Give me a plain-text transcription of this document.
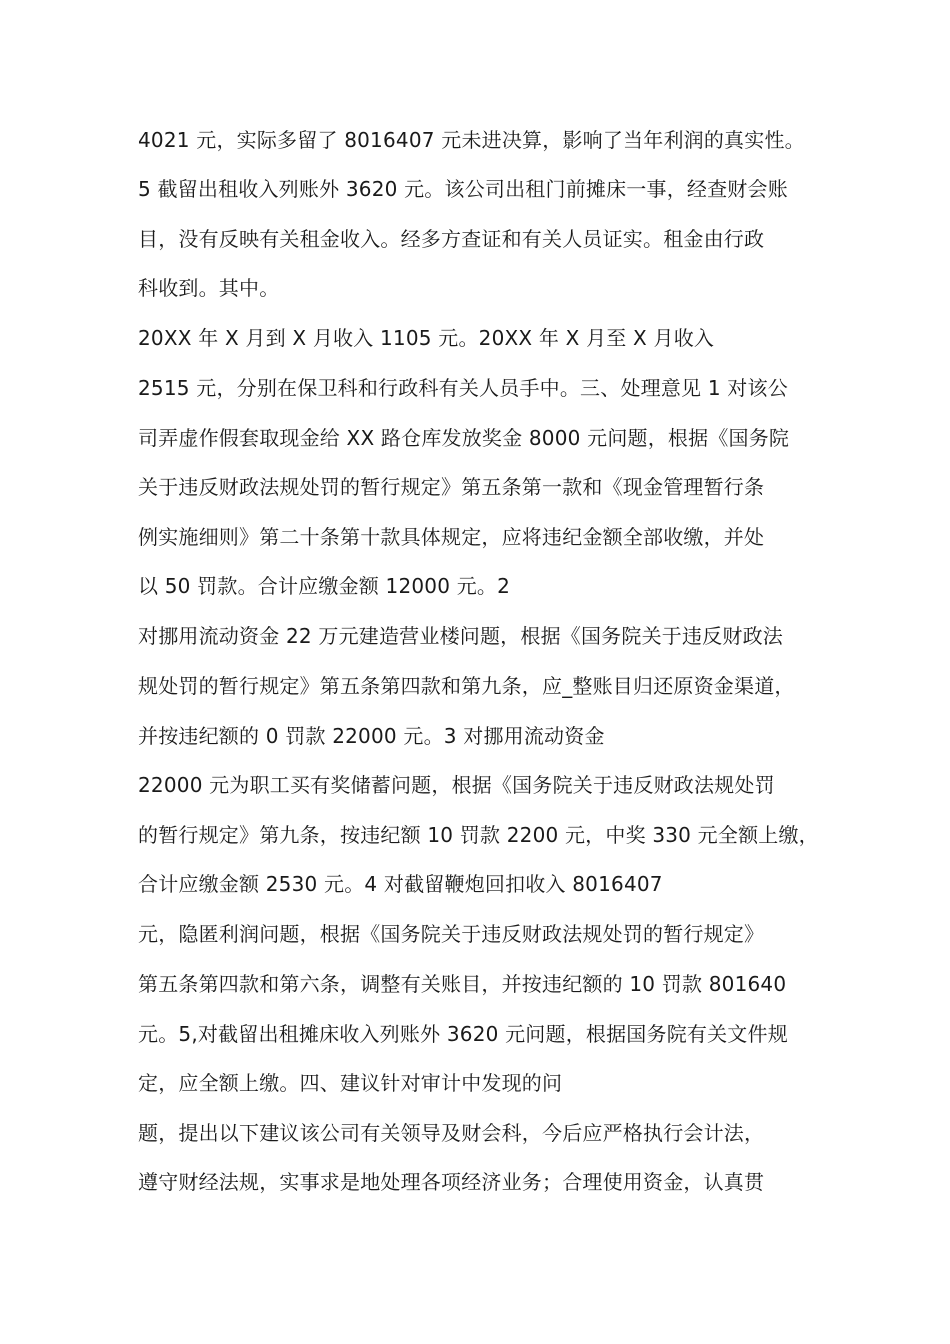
4021 元，实际多留了 8016407 元未进决算，影响了当年利润的真实性。
5 截留出租收入列账外 3620 元。该公司出租门前摊床一事，经查财会账
目，没有反映有关租金收入。经多方查证和有关人员证实。租金由行政
科收到。其中。
20XX 年 X 月到 X 月收入 1105 元。20XX 年 X 月至 X 月收入
2515 元，分别在保卫科和行政科有关人员手中。三、处理意见 1 对该公
司弄虚作假套取现金给 XX 路仓库发放奖金 8000 元问题，根据《国务院
关于违反财政法规处罚的暂行规定》第五条第一款和《现金管理暂行条
例实施细则》第二十条第十款具体规定，应将违纪金额全部收缴，并处
以 50 罚款。合计应缴金额 12000 元。2
对挪用流动资金 22 万元建造营业楼问题，根据《国务院关于违反财政法
规处罚的暂行规定》第五条第四款和第九条，应_整账目归还原资金渠道，
并按违纪额的 0 罚款 22000 元。3 对挪用流动资金
22000 元为职工买有奖储蓄问题，根据《国务院关于违反财政法规处罚
的暂行规定》第九条，按违纪额 10 罚款 2200 元，中奖 330 元全额上缴，
合计应缴金额 2530 元。4 对截留鞭炮回扣收入 8016407
元，隐匿利润问题，根据《国务院关于违反财政法规处罚的暂行规定》
第五条第四款和第六条，调整有关账目，并按违纪额的 10 罚款 801640
元。5,对截留出租摊床收入列账外 3620 元问题，根据国务院有关文件规
定，应全额上缴。四、建议针对审计中发现的问
题，提出以下建议该公司有关领导及财会科，今后应严格执行会计法，
遵守财经法规，实事求是地处理各项经济业务；合理使用资金，认真贯
